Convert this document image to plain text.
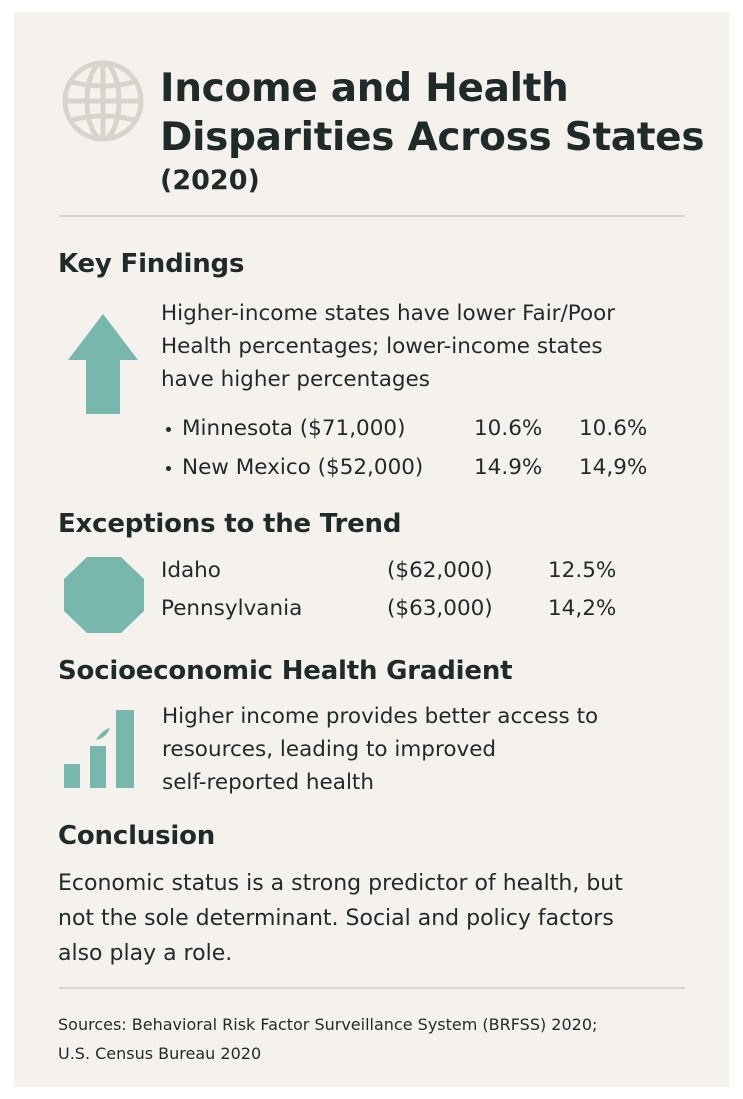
Income and Health
Disparities Across States
(2020)
Key Findings
Higher-income states have lower Fair/Poor
Health percentages; lower-income states
have higher percentages
Minnesota ($71,000)	10.6% 10.6%
New Mexico ($52,000) 14.9% 14,9%
Exceptions to the Trend
Idaho	($62,000)	12.5%
Pennsylvania	($63,000)	14,2%
Socioeconomic Health Gradient
Higher income provides better access to
resources, leading to improved
self-reported health
Conclusion
Economic status is a strong predictor of health, but
not the sole determinant. Social and policy factors
also play a role.
Sources: Behavioral Risk Factor Surveillance System (BRFSS) 2020;
U.S. Census Bureau 2020
